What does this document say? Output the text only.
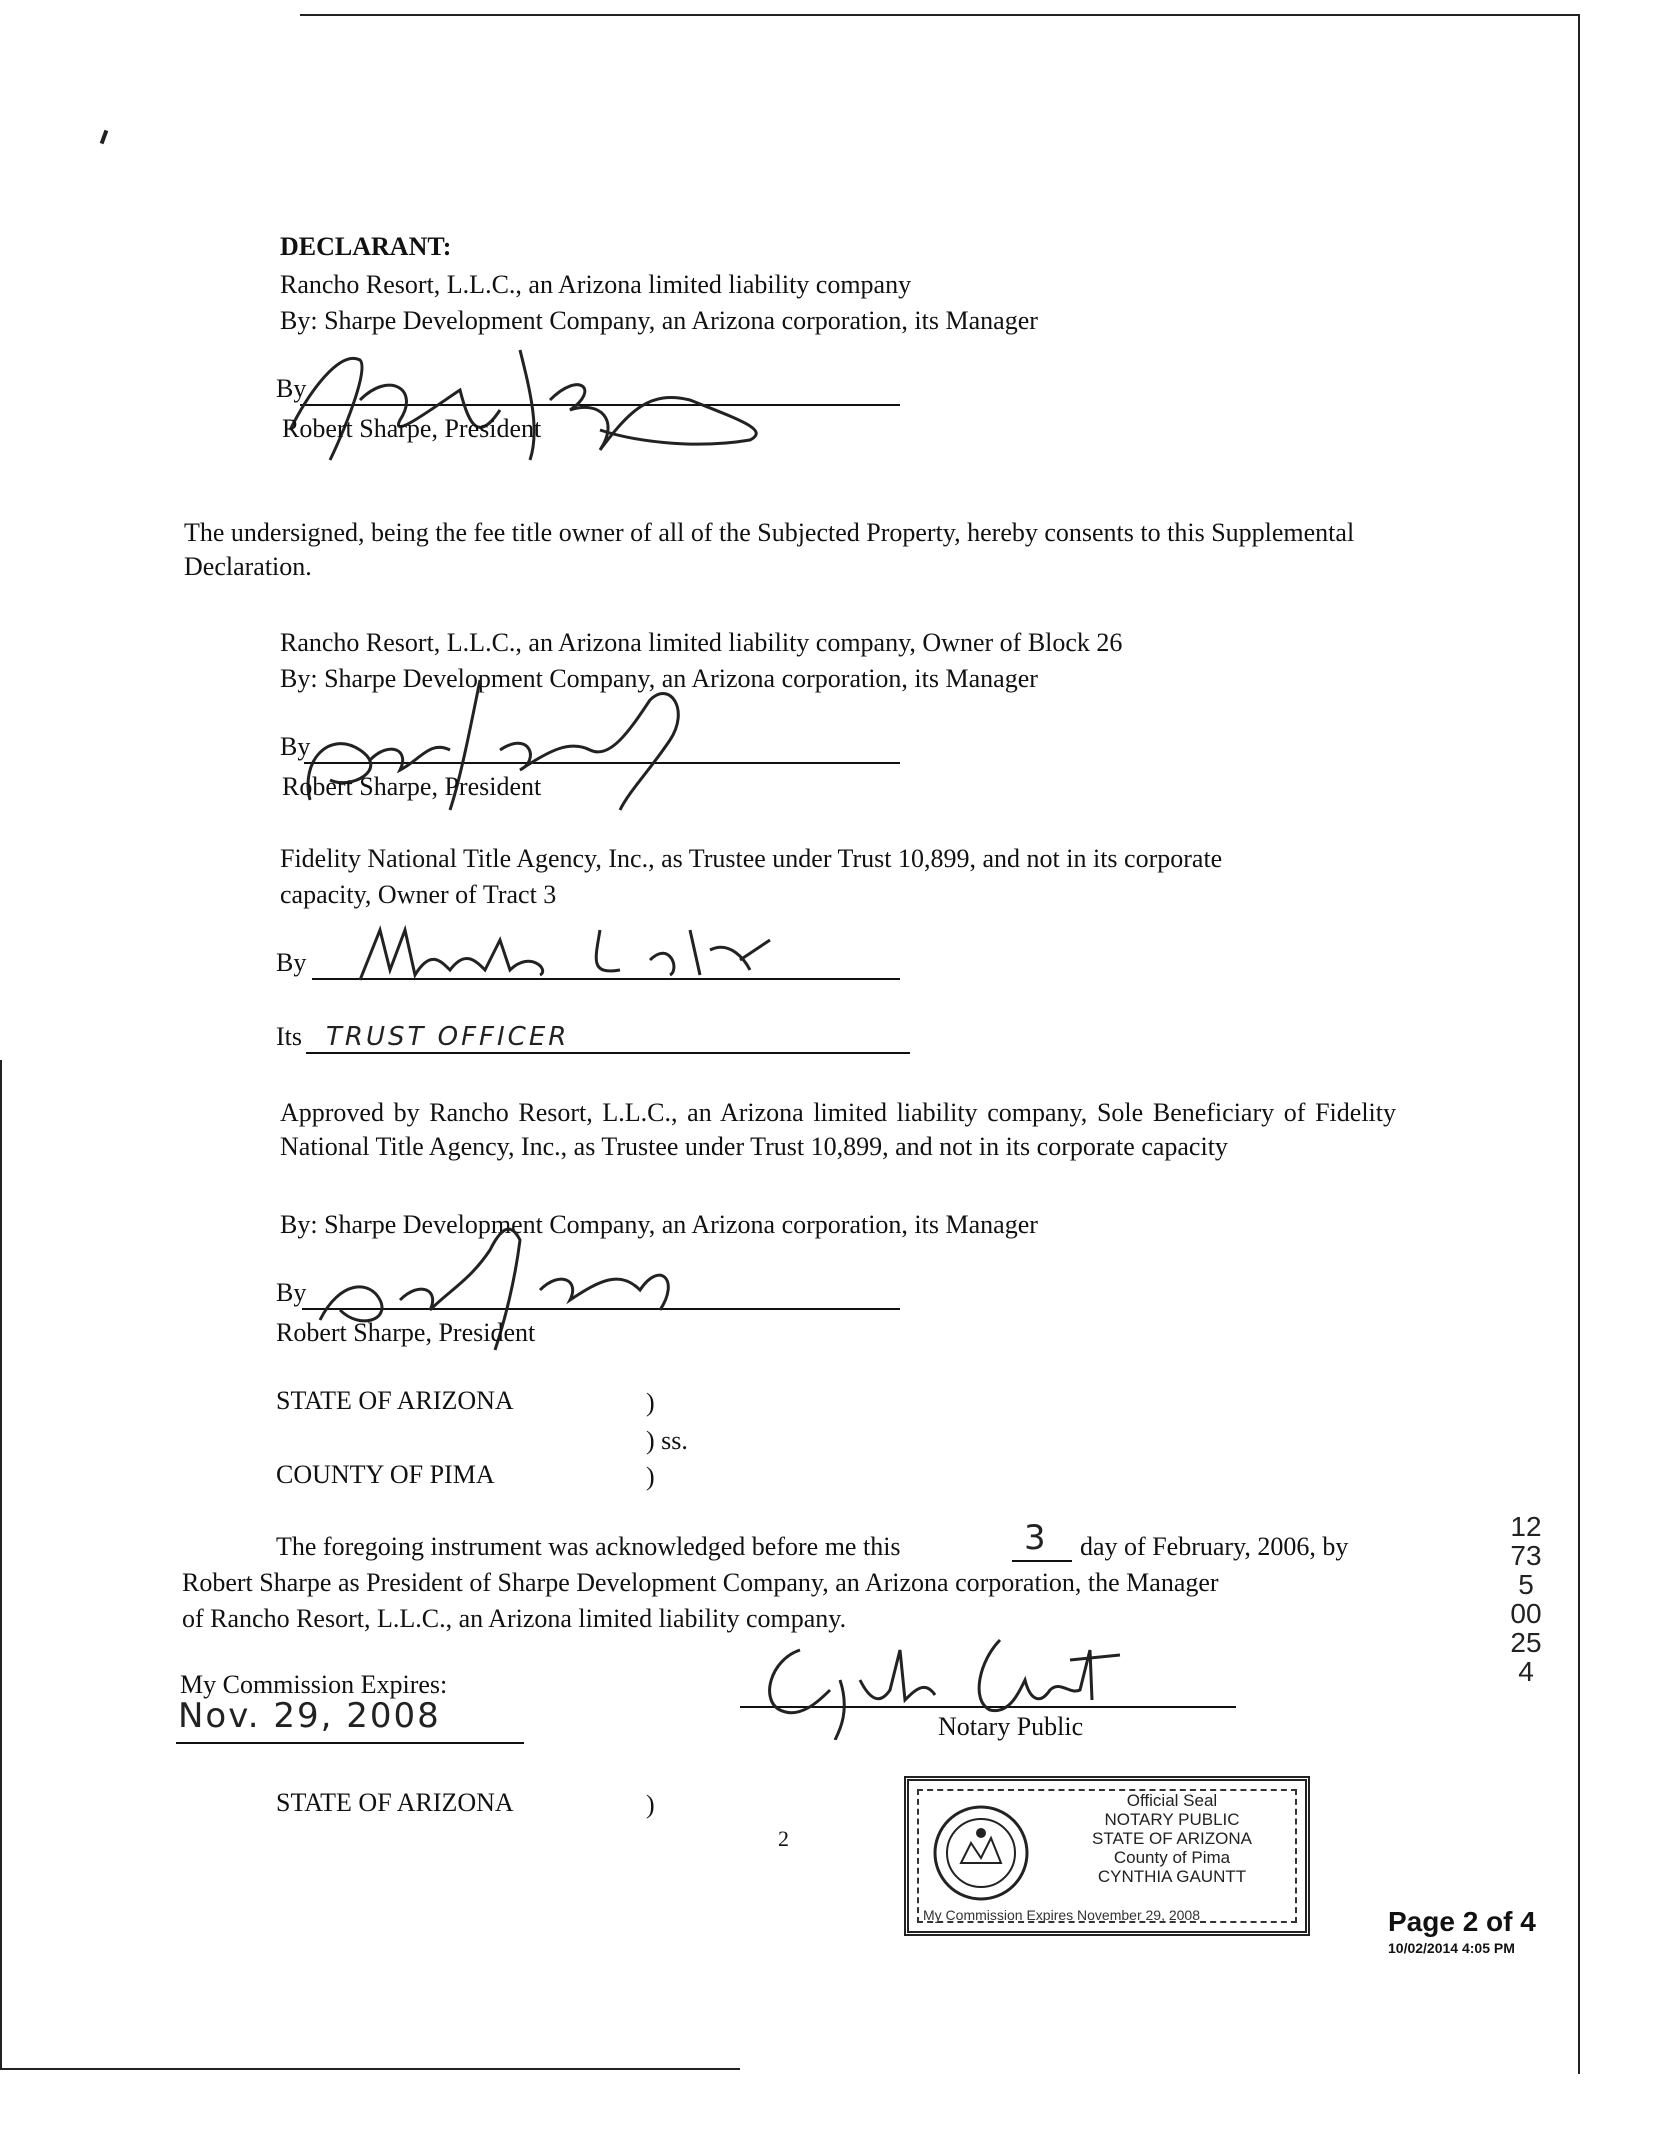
DECLARANT:
Rancho Resort, L.L.C., an Arizona limited liability company
By: Sharpe Development Company, an Arizona corporation, its Manager
By
Robert Sharpe, President
The undersigned, being the fee title owner of all of the Subjected Property, hereby consents to this Supplemental Declaration.
Rancho Resort, L.L.C., an Arizona limited liability company, Owner of Block 26
By: Sharpe Development Company, an Arizona corporation, its Manager
By
Robert Sharpe, President
Fidelity National Title Agency, Inc., as Trustee under Trust 10,899, and not in its corporate
capacity, Owner of Tract 3
By
Its TRUST OFFICER
Approved by Rancho Resort, L.L.C., an Arizona limited liability company, Sole Beneficiary of Fidelity National Title Agency, Inc., as Trustee under Trust 10,899, and not in its corporate capacity
By: Sharpe Development Company, an Arizona corporation, its Manager
By
Robert Sharpe, President
STATE OF ARIZONA	)
) ss.
COUNTY OF PIMA	)
The foregoing instrument was acknowledged before me this	3 day of February, 2006, by
Robert Sharpe as President of Sharpe Development Company, an Arizona corporation, the Manager
of Rancho Resort, L.L.C., an Arizona limited liability company.
My Commission Expires:
Nov. 29, 2008	Notary Public
STATE OF ARIZONA	)
2
Official Seal
NOTARY PUBLIC
STATE OF ARIZONA
County of Pima
CYNTHIA GAUNTT
My Commission Expires November 29, 2008
12735 00254
Page 2 of 4
10/02/2014 4:05 PM
